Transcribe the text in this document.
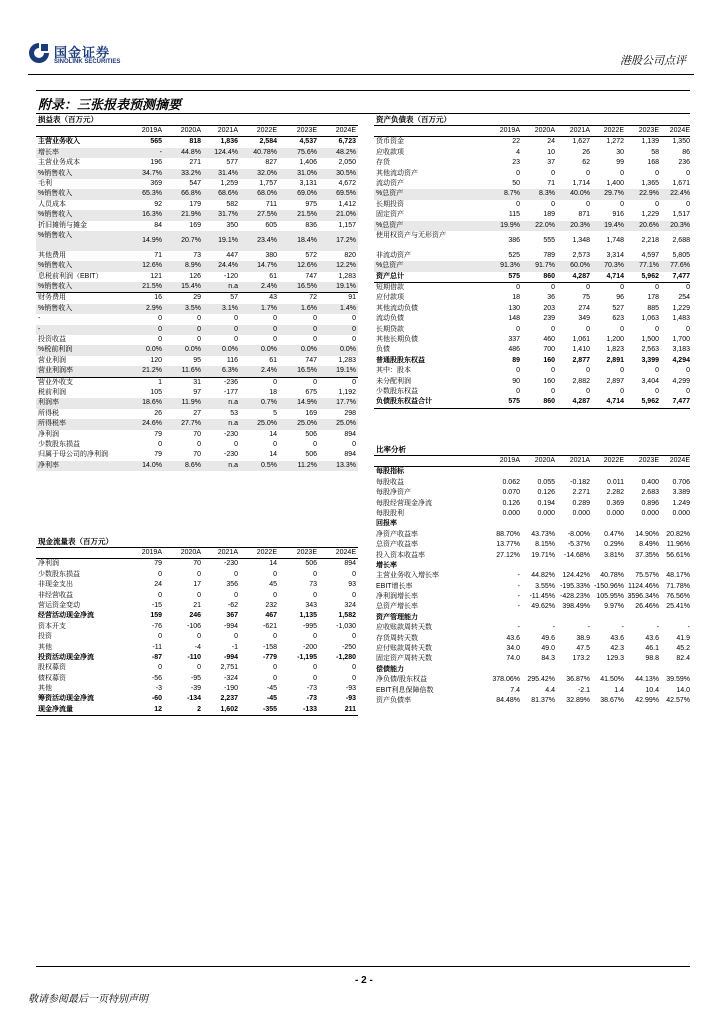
国金证券
SINOLINK SECURITIES	港股公司点评
附录：三张报表预测摘要
损益表（百万元）
2019A	2020A	2021A	2022E	2023E	2024E
主营业务收入	565	818	1,836	2,584	4,537	6,723
增长率	-	44.8%	124.4%	40.78%	75.6%	48.2%
主营业务成本	196	271	577	827	1,406	2,050
%销售收入	34.7%	33.2%	31.4%	32.0%	31.0%	30.5%
毛利	369	547	1,259	1,757	3,131	4,672
%销售收入	65.3%	66.8%	68.6%	68.0%	69.0%	69.5%
人员成本	92	179	582	711	975	1,412
%销售收入	16.3%	21.9%	31.7%	27.5%	21.5%	21.0%
折旧摊销与摊金	84	169	350	605	836	1,157
%销售收入
14.9%	20.7%	19.1%	23.4%	18.4%	17.2%
其他费用	71	73	447	380	572	820
%销售收入	12.6%	8.9%	24.4%	14.7%	12.6%	12.2%
息税前利润（EBIT）	121	126	-120	61	747	1,283
%销售收入	21.5%	15.4%	n.a	2.4%	16.5%	19.1%
财务费用	16	29	57	43	72	91
%销售收入	2.9%	3.5%	3.1%	1.7%	1.6%	1.4%
-	0	0	0	0	0	0
-	0	0	0	0	0	0
投资收益	0	0	0	0	0	0
%税前利润	0.0%	0.0%	0.0%	0.0%	0.0%	0.0%
营业利润	120	95	116	61	747	1,283
营业利润率	21.2%	11.6%	6.3%	2.4%	16.5%	19.1%
营业外收支	1	31	-236	0	0	0
税前利润	105	97	-177	18	675	1,192
利润率	18.6%	11.9%	n.a	0.7%	14.9%	17.7%
所得税	26	27	53	5	169	298
所得税率	24.6%	27.7%	n.a	25.0%	25.0%	25.0%
净利润	79	70	-230	14	506	894
少数股东损益	0	0	0	0	0	0
归属于母公司的净利润	79	70	-230	14	506	894
净利率	14.0%	8.6%	n.a	0.5%	11.2%	13.3%
资产负债表（百万元）
2019A	2020A	2021A	2022E	2023E	2024E
货币资金	22	24	1,627	1,272	1,139	1,350
应收款项	4	10	26	30	58	86
存货	23	37	62	99	168	236
其他流动资产	0	0	0	0	0	0
流动资产	50	71	1,714	1,400	1,365	1,671
%总资产	8.7%	8.3%	40.0%	29.7%	22.9%	22.4%
长期投资	0	0	0	0	0	0
固定资产	115	189	871	916	1,229	1,517
%总资产	19.9%	22.0%	20.3%	19.4%	20.6%	20.3%
使用权资产与无形资产
386	555	1,348	1,748	2,218	2,688
非流动资产	525	789	2,573	3,314	4,597	5,805
%总资产	91.3%	91.7%	60.0%	70.3%	77.1%	77.6%
资产总计	575	860	4,287	4,714	5,962	7,477
短期借款	0	0	0	0	0	0
应付款项	18	36	75	96	178	254
其他流动负债	130	203	274	527	885	1,229
流动负债	148	239	349	623	1,063	1,483
长期贷款	0	0	0	0	0	0
其他长期负债	337	460	1,061	1,200	1,500	1,700
负债	486	700	1,410	1,823	2,563	3,183
普通股股东权益	89	160	2,877	2,891	3,399	4,294
其中：股本	0	0	0	0	0	0
未分配利润	90	160	2,882	2,897	3,404	4,299
少数股东权益	0	0	0	0	0	0
负债股东权益合计	575	860	4,287	4,714	5,962	7,477
比率分析
2019A	2020A	2021A	2022E	2023E	2024E
每股指标
每股收益	0.062	0.055	-0.182	0.011	0.400	0.706
每股净资产	0.070	0.126	2.271	2.282	2.683	3.389
每股经营现金净流	0.126	0.194	0.289	0.369	0.896	1.249
每股股利	0.000	0.000	0.000	0.000	0.000	0.000
回报率
净资产收益率	88.70%	43.73%	-8.00%	0.47%	14.90%	20.82%
总资产收益率	13.77%	8.15%	-5.37%	0.29%	8.49%	11.96%
投入资本收益率	27.12%	19.71%	-14.68%	3.81%	37.35%	56.61%
增长率
主营业务收入增长率	-	44.82%	124.42%	40.78%	75.57%	48.17%
EBIT增长率	-	3.55% -195.33% -150.96% 1124.46%	71.78%
净利润增长率	-	-11.45% -428.23% 105.95% 3596.34%	76.56%
总资产增长率	-	49.62%	398.49%	9.97%	26.46%	25.41%
资产管理能力
应收账款周转天数	-	-	-	-	-	-
存货周转天数	43.6	49.6	38.9	43.6	43.6	41.9
应付账款周转天数	34.0	49.0	47.5	42.3	46.1	45.2
固定资产周转天数	74.0	84.3	173.2	129.3	98.8	82.4
偿债能力
净负债/股东权益	378.06%	295.42%	36.87%	41.50%	44.13%	39.59%
EBIT利息保障倍数	7.4	4.4	-2.1	1.4	10.4	14.0
资产负债率	84.48%	81.37%	32.89%	38.67%	42.99%	42.57%
现金流量表（百万元）
2019A	2020A	2021A	2022E	2023E	2024E
净利润	79	70	-230	14	506	894
少数股东损益	0	0	0	0	0	0
非现金支出	24	17	356	45	73	93
非经营收益	0	0	0	0	0	0
营运资金变动	-15	21	-62	232	343	324
经营活动现金净流	159	246	367	467	1,135	1,582
资本开支	-76	-106	-994	-621	-995	-1,030
投资	0	0	0	0	0	0
其他	-11	-4	-1	-158	-200	-250
投资活动现金净流	-87	-110	-994	-779	-1,195	-1,280
股权募资	0	0	2,751	0	0	0
债权募资	-56	-95	-324	0	0	0
其他	-3	-39	-190	-45	-73	-93
筹资活动现金净流	-60	-134	2,237	-45	-73	-93
现金净流量	12	2	1,602	-355	-133	211
- 2 -
敬请参阅最后一页特别声明
